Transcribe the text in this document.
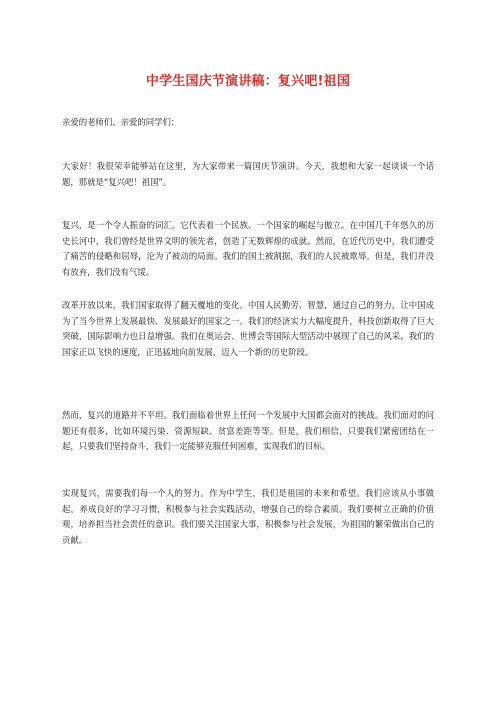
中学生国庆节演讲稿：复兴吧!祖国
亲爱的老师们、亲爱的同学们：

大家好！我很荣幸能够站在这里，为大家带来一篇国庆节演讲。今天，我想和大家一起谈谈一个话题，那就是“复兴吧！祖国”。

复兴，是一个令人振奋的词汇。它代表着一个民族、一个国家的崛起与傲立。在中国几千年悠久的历史长河中，我们曾经是世界文明的领先者，创造了无数辉煌的成就。然而，在近代历史中，我们遭受了痛苦的侵略和屈辱，沦为了被动的局面。我们的国土被割据，我们的人民被欺辱。但是，我们并没有放弃，我们没有气馁。

改革开放以来，我们国家取得了翻天覆地的变化。中国人民勤劳、智慧，通过自己的努力，让中国成为了当今世界上发展最快、发展最好的国家之一。我们的经济实力大幅度提升，科技创新取得了巨大突破，国际影响力也日益增强。我们在奥运会、世博会等国际大型活动中展现了自己的风采。我们的国家正以飞快的速度，正迅猛地向前发展，迈入一个新的历史阶段。

然而，复兴的道路并不平坦。我们面临着世界上任何一个发展中大国都会面对的挑战。我们面对的问题还有很多，比如环境污染、资源短缺、贫富差距等等。但是，我们相信，只要我们紧密团结在一起，只要我们坚持奋斗，我们一定能够克服任何困难，实现我们的目标。

实现复兴，需要我们每一个人的努力。作为中学生，我们是祖国的未来和希望。我们应该从小事做起，养成良好的学习习惯，积极参与社会实践活动，增强自己的综合素质。我们要树立正确的价值观，培养担当社会责任的意识。我们要关注国家大事，积极参与社会发展，为祖国的繁荣做出自己的贡献。
